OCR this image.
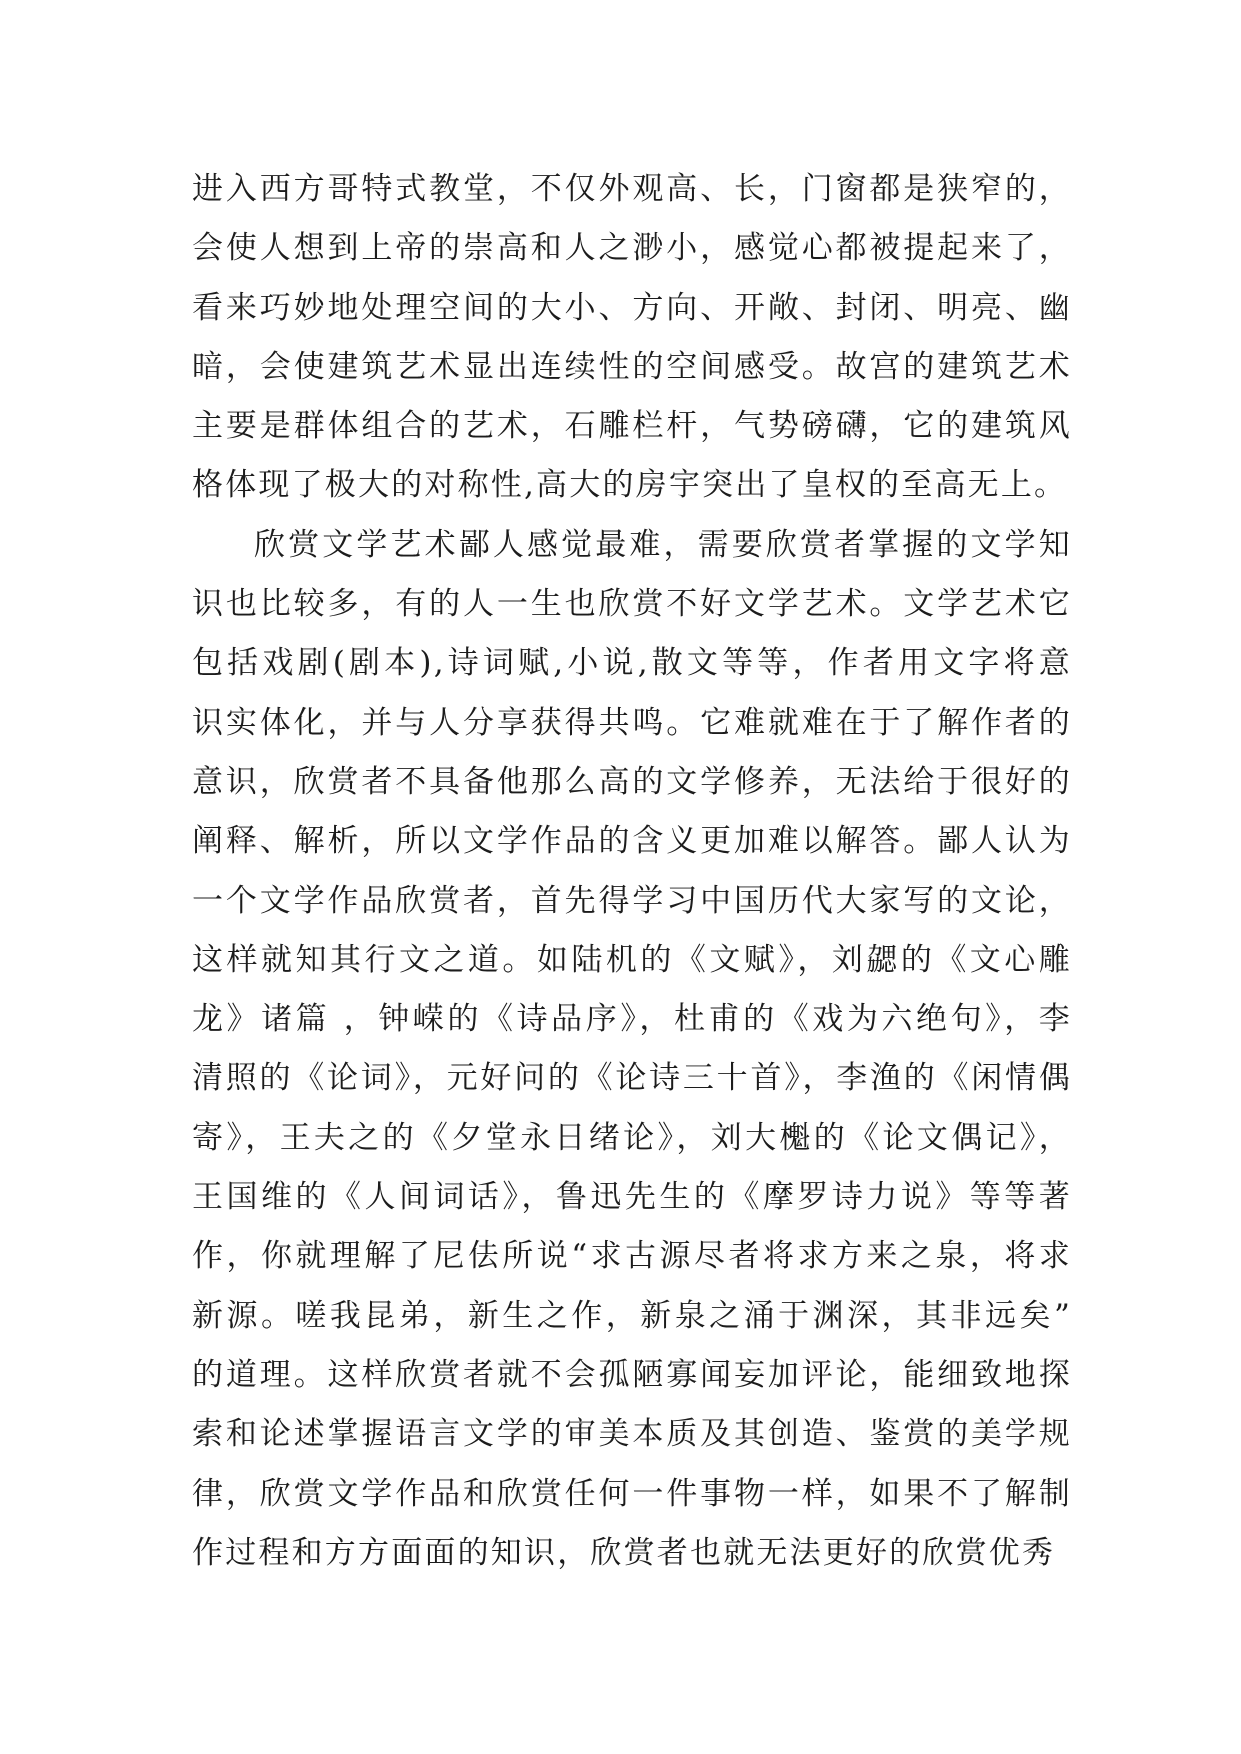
进入西方哥特式教堂，不仅外观高、长，门窗都是狭窄的，
会使人想到上帝的崇高和人之渺小，感觉心都被提起来了，
看来巧妙地处理空间的大小、方向、开敞、封闭、明亮、幽
暗，会使建筑艺术显出连续性的空间感受。故宫的建筑艺术
主要是群体组合的艺术，石雕栏杆，气势磅礴，它的建筑风
格体现了极大的对称性,高大的房宇突出了皇权的至高无上。
欣赏文学艺术鄙人感觉最难，需要欣赏者掌握的文学知
识也比较多，有的人一生也欣赏不好文学艺术。文学艺术它
包括戏剧(剧本),诗词赋,小说,散文等等，作者用文字将意
识实体化，并与人分享获得共鸣。它难就难在于了解作者的
意识，欣赏者不具备他那么高的文学修养，无法给于很好的
阐释、解析，所以文学作品的含义更加难以解答。鄙人认为
一个文学作品欣赏者，首先得学习中国历代大家写的文论，
这样就知其行文之道。如陆机的《文赋》，刘勰的《文心雕
龙》诸篇 ，钟嵘的《诗品序》，杜甫的《戏为六绝句》，李
清照的《论词》，元好问的《论诗三十首》，李渔的《闲情偶
寄》，王夫之的《夕堂永日绪论》，刘大櫆的《论文偶记》，
王国维的《人间词话》，鲁迅先生的《摩罗诗力说》等等著
作，你就理解了尼佉所说“求古源尽者将求方来之泉，将求
新源。嗟我昆弟，新生之作，新泉之涌于渊深，其非远矣”
的道理。这样欣赏者就不会孤陋寡闻妄加评论，能细致地探
索和论述掌握语言文学的审美本质及其创造、鉴赏的美学规
律，欣赏文学作品和欣赏任何一件事物一样，如果不了解制
作过程和方方面面的知识，欣赏者也就无法更好的欣赏优秀
